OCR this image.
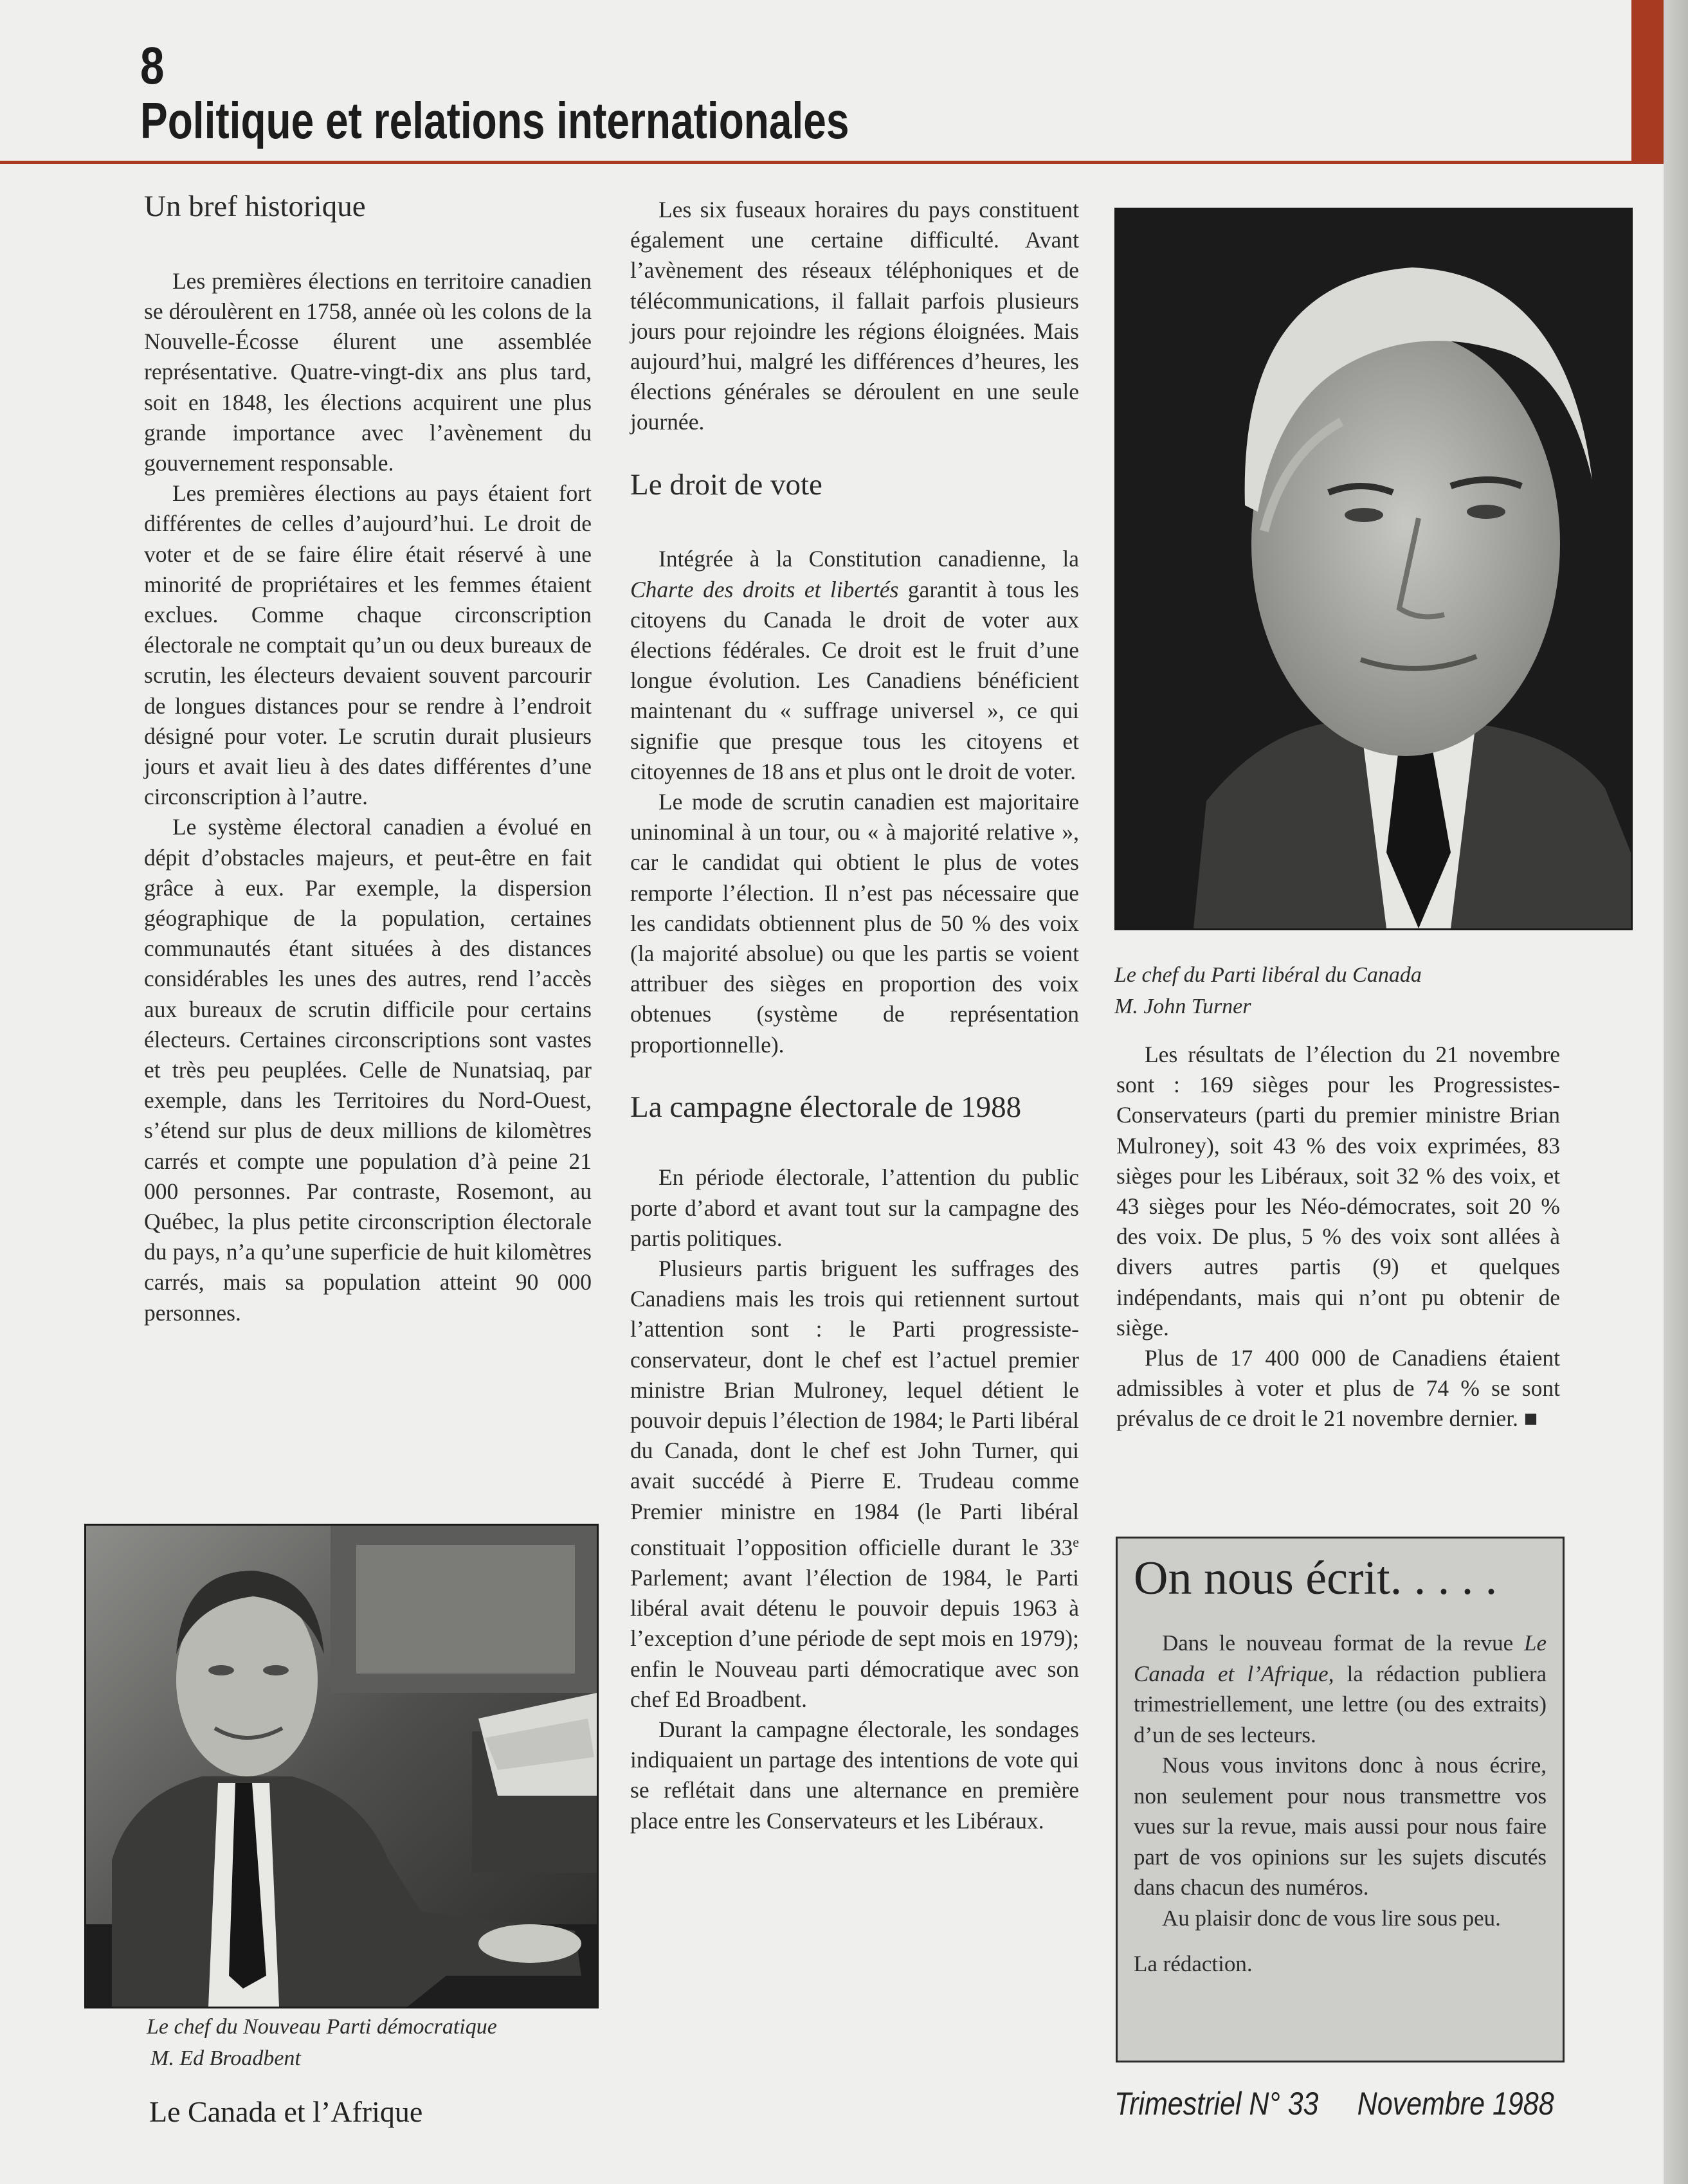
8
Politique et relations internationales
Un bref historique

Les premières élections en territoire canadien se déroulèrent en 1758, année où les colons de la Nouvelle-Écosse élurent une assemblée représentative. Quatre-vingt-dix ans plus tard, soit en 1848, les élections acquirent une plus grande importance avec l’avènement du gouvernement responsable.

Les premières élections au pays étaient fort différentes de celles d’aujourd’hui. Le droit de voter et de se faire élire était réservé à une minorité de propriétaires et les femmes étaient exclues. Comme chaque circonscription électorale ne comptait qu’un ou deux bureaux de scrutin, les électeurs devaient souvent parcourir de longues distances pour se rendre à l’endroit désigné pour voter. Le scrutin durait plusieurs jours et avait lieu à des dates différentes d’une circonscription à l’autre.

Le système électoral canadien a évolué en dépit d’obstacles majeurs, et peut-être en fait grâce à eux. Par exemple, la dispersion géographique de la population, certaines communautés étant situées à des distances considérables les unes des autres, rend l’accès aux bureaux de scrutin difficile pour certains électeurs. Certaines circonscriptions sont vastes et très peu peuplées. Celle de Nunatsiaq, par exemple, dans les Territoires du Nord-Ouest, s’étend sur plus de deux millions de kilomètres carrés et compte une population d’à peine 21 000 personnes. Par contraste, Rosemont, au Québec, la plus petite circonscription électorale du pays, n’a qu’une superficie de huit kilomètres carrés, mais sa population atteint 90 000 personnes.

Le chef du Nouveau Parti démocratique
M. Ed Broadbent

Les six fuseaux horaires du pays constituent également une certaine difficulté. Avant l’avènement des réseaux téléphoniques et de télécommunications, il fallait parfois plusieurs jours pour rejoindre les régions éloignées. Mais aujourd’hui, malgré les différences d’heures, les élections générales se déroulent en une seule journée.

Le droit de vote

Intégrée à la Constitution canadienne, la Charte des droits et libertés garantit à tous les citoyens du Canada le droit de voter aux élections fédérales. Ce droit est le fruit d’une longue évolution. Les Canadiens bénéficient maintenant du « suffrage universel », ce qui signifie que presque tous les citoyens et citoyennes de 18 ans et plus ont le droit de voter.

Le mode de scrutin canadien est majoritaire uninominal à un tour, ou « à majorité relative », car le candidat qui obtient le plus de votes remporte l’élection. Il n’est pas nécessaire que les candidats obtiennent plus de 50 % des voix (la majorité absolue) ou que les partis se voient attribuer des sièges en proportion des voix obtenues (système de représentation proportionnelle).

La campagne électorale de 1988

En période électorale, l’attention du public porte d’abord et avant tout sur la campagne des partis politiques.

Plusieurs partis briguent les suffrages des Canadiens mais les trois qui retiennent surtout l’attention sont : le Parti progressiste-conservateur, dont le chef est l’actuel premier ministre Brian Mulroney, lequel détient le pouvoir depuis l’élection de 1984; le Parti libéral du Canada, dont le chef est John Turner, qui avait succédé à Pierre E. Trudeau comme Premier ministre en 1984 (le Parti libéral constituait l’opposition officielle durant le 33e Parlement; avant l’élection de 1984, le Parti libéral avait détenu le pouvoir depuis 1963 à l’exception d’une période de sept mois en 1979); enfin le Nouveau parti démocratique avec son chef Ed Broadbent.

Durant la campagne électorale, les sondages indiquaient un partage des intentions de vote qui se reflétait dans une alternance en première place entre les Conservateurs et les Libéraux.

Le chef du Parti libéral du Canada
M. John Turner

Les résultats de l’élection du 21 novembre sont : 169 sièges pour les Progressistes-Conservateurs (parti du premier ministre Brian Mulroney), soit 43 % des voix exprimées, 83 sièges pour les Libéraux, soit 32 % des voix, et 43 sièges pour les Néo-démocrates, soit 20 % des voix. De plus, 5 % des voix sont allées à divers autres partis (9) et quelques indépendants, mais qui n’ont pu obtenir de siège.

Plus de 17 400 000 de Canadiens étaient admissibles à voter et plus de 74 % se sont prévalus de ce droit le 21 novembre dernier. ■

On nous écrit. . . . .

Dans le nouveau format de la revue Le Canada et l’Afrique, la rédaction publiera trimestriellement, une lettre (ou des extraits) d’un de ses lecteurs.

Nous vous invitons donc à nous écrire, non seulement pour nous transmettre vos vues sur la revue, mais aussi pour nous faire part de vos opinions sur les sujets discutés dans chacun des numéros.

Au plaisir donc de vous lire sous peu.

La rédaction.

Le Canada et l’Afrique	Trimestriel N° 33 Novembre 1988
